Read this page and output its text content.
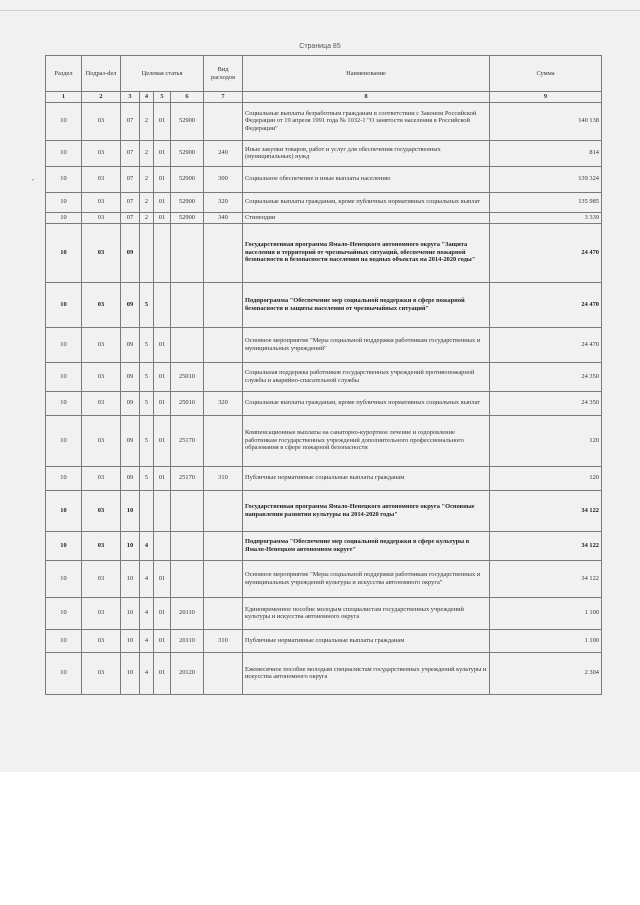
Страница 85
•
Раздел	Подраз-dел	Целевая статья				Вид расходов	Наименование	Сумма
1	2	3	4	5	6	7	8	9
10	03	07	2	01	52900		Социальные выплаты безработным гражданам в соответствии с Законом Российской Федерации от 19 апреля 1991 года № 1032-1 "О занятости населения в Российской Федерации"	140 138
10	03	07	2	01	52900	240	Иные закупки товаров, работ и услуг для обеспечения государственных (муниципальных) нужд	814
10	03	07	2	01	52900	300	Социальное обеспечение и иные выплаты населению	139 324
10	03	07	2	01	52900	320	Социальные выплаты гражданам, кроме публичных нормативных социальных выплат	135 985
10	03	07	2	01	52900	340	Стипендии	3 339
10	03	09					Государственная программа Ямало-Ненецкого автономного округа "Защита населения и территорий от чрезвычайных ситуаций, обеспечение пожарной безопасности и безопасности населения на водных объектах на 2014-2020 годы"	24 470
10	03	09	5				Подпрограмма "Обеспечение мер социальной поддержки в сфере пожарной безопасности и защиты населения от чрезвычайных ситуаций"	24 470
10	03	09	5	01			Основное мероприятие "Меры социальной поддержки работникам государственных и муниципальных учреждений"	24 470
10	03	09	5	01	25010		Социальная поддержка работников государственных учреждений противопожарной службы и аварийно-спасательной службы	24 350
10	03	09	5	01	25010	320	Социальные выплаты гражданам, кроме публичных нормативных социальных выплат	24 350
10	03	09	5	01	25170		Компенсационные выплаты на санаторно-курортное лечение и оздоровление работникам государственных учреждений дополнительного профессионального образования в сфере пожарной безопасности	120
10	03	09	5	01	25170	310	Публичные нормативные социальные выплаты гражданам	120
10	03	10					Государственная программа Ямало-Ненецкого автономного округа "Основные направления развития культуры на 2014-2020 годы"	34 122
10	03	10	4				Подпрограмма "Обеспечение мер социальной поддержки в сфере культуры в Ямало-Ненецком автономном округе"	34 122
10	03	10	4	01			Основное мероприятие "Меры социальной поддержки работникам государственных и муниципальных учреждений культуры и искусства автономного округа"	34 122
10	03	10	4	01	20110		Единовременное пособие молодым специалистам государственных учреждений культуры и искусства автономного округа	1 100
10	03	10	4	01	20110	310	Публичные нормативные социальные выплаты гражданам	1 100
10	03	10	4	01	20120		Ежемесячное пособие молодым специалистам государственных учреждений культуры и искусства автономного округа	2 304
